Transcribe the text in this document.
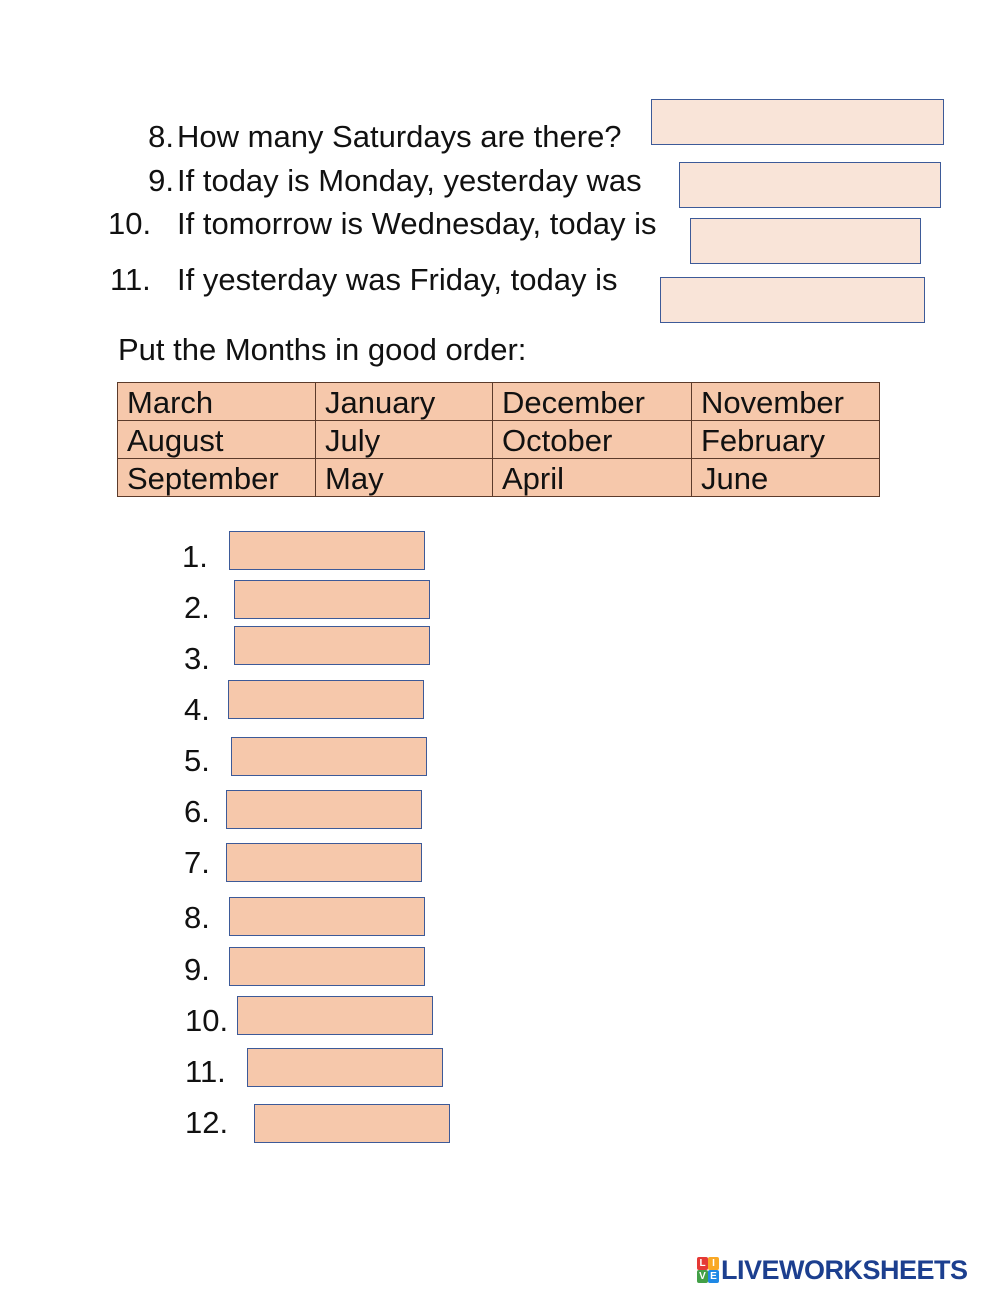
8. How many Saturdays are there?
9. If today is Monday, yesterday was
10. If tomorrow is Wednesday, today is
11. If yesterday was Friday, today is
Put the Months in good order:
March	January	December	November
August	July	October	February
September	May	April	June
1.
2.
3.
4.
5.
6.
7.
8.
9.
10.
11.
12.
L I
V E LIVEWORKSHEETS
